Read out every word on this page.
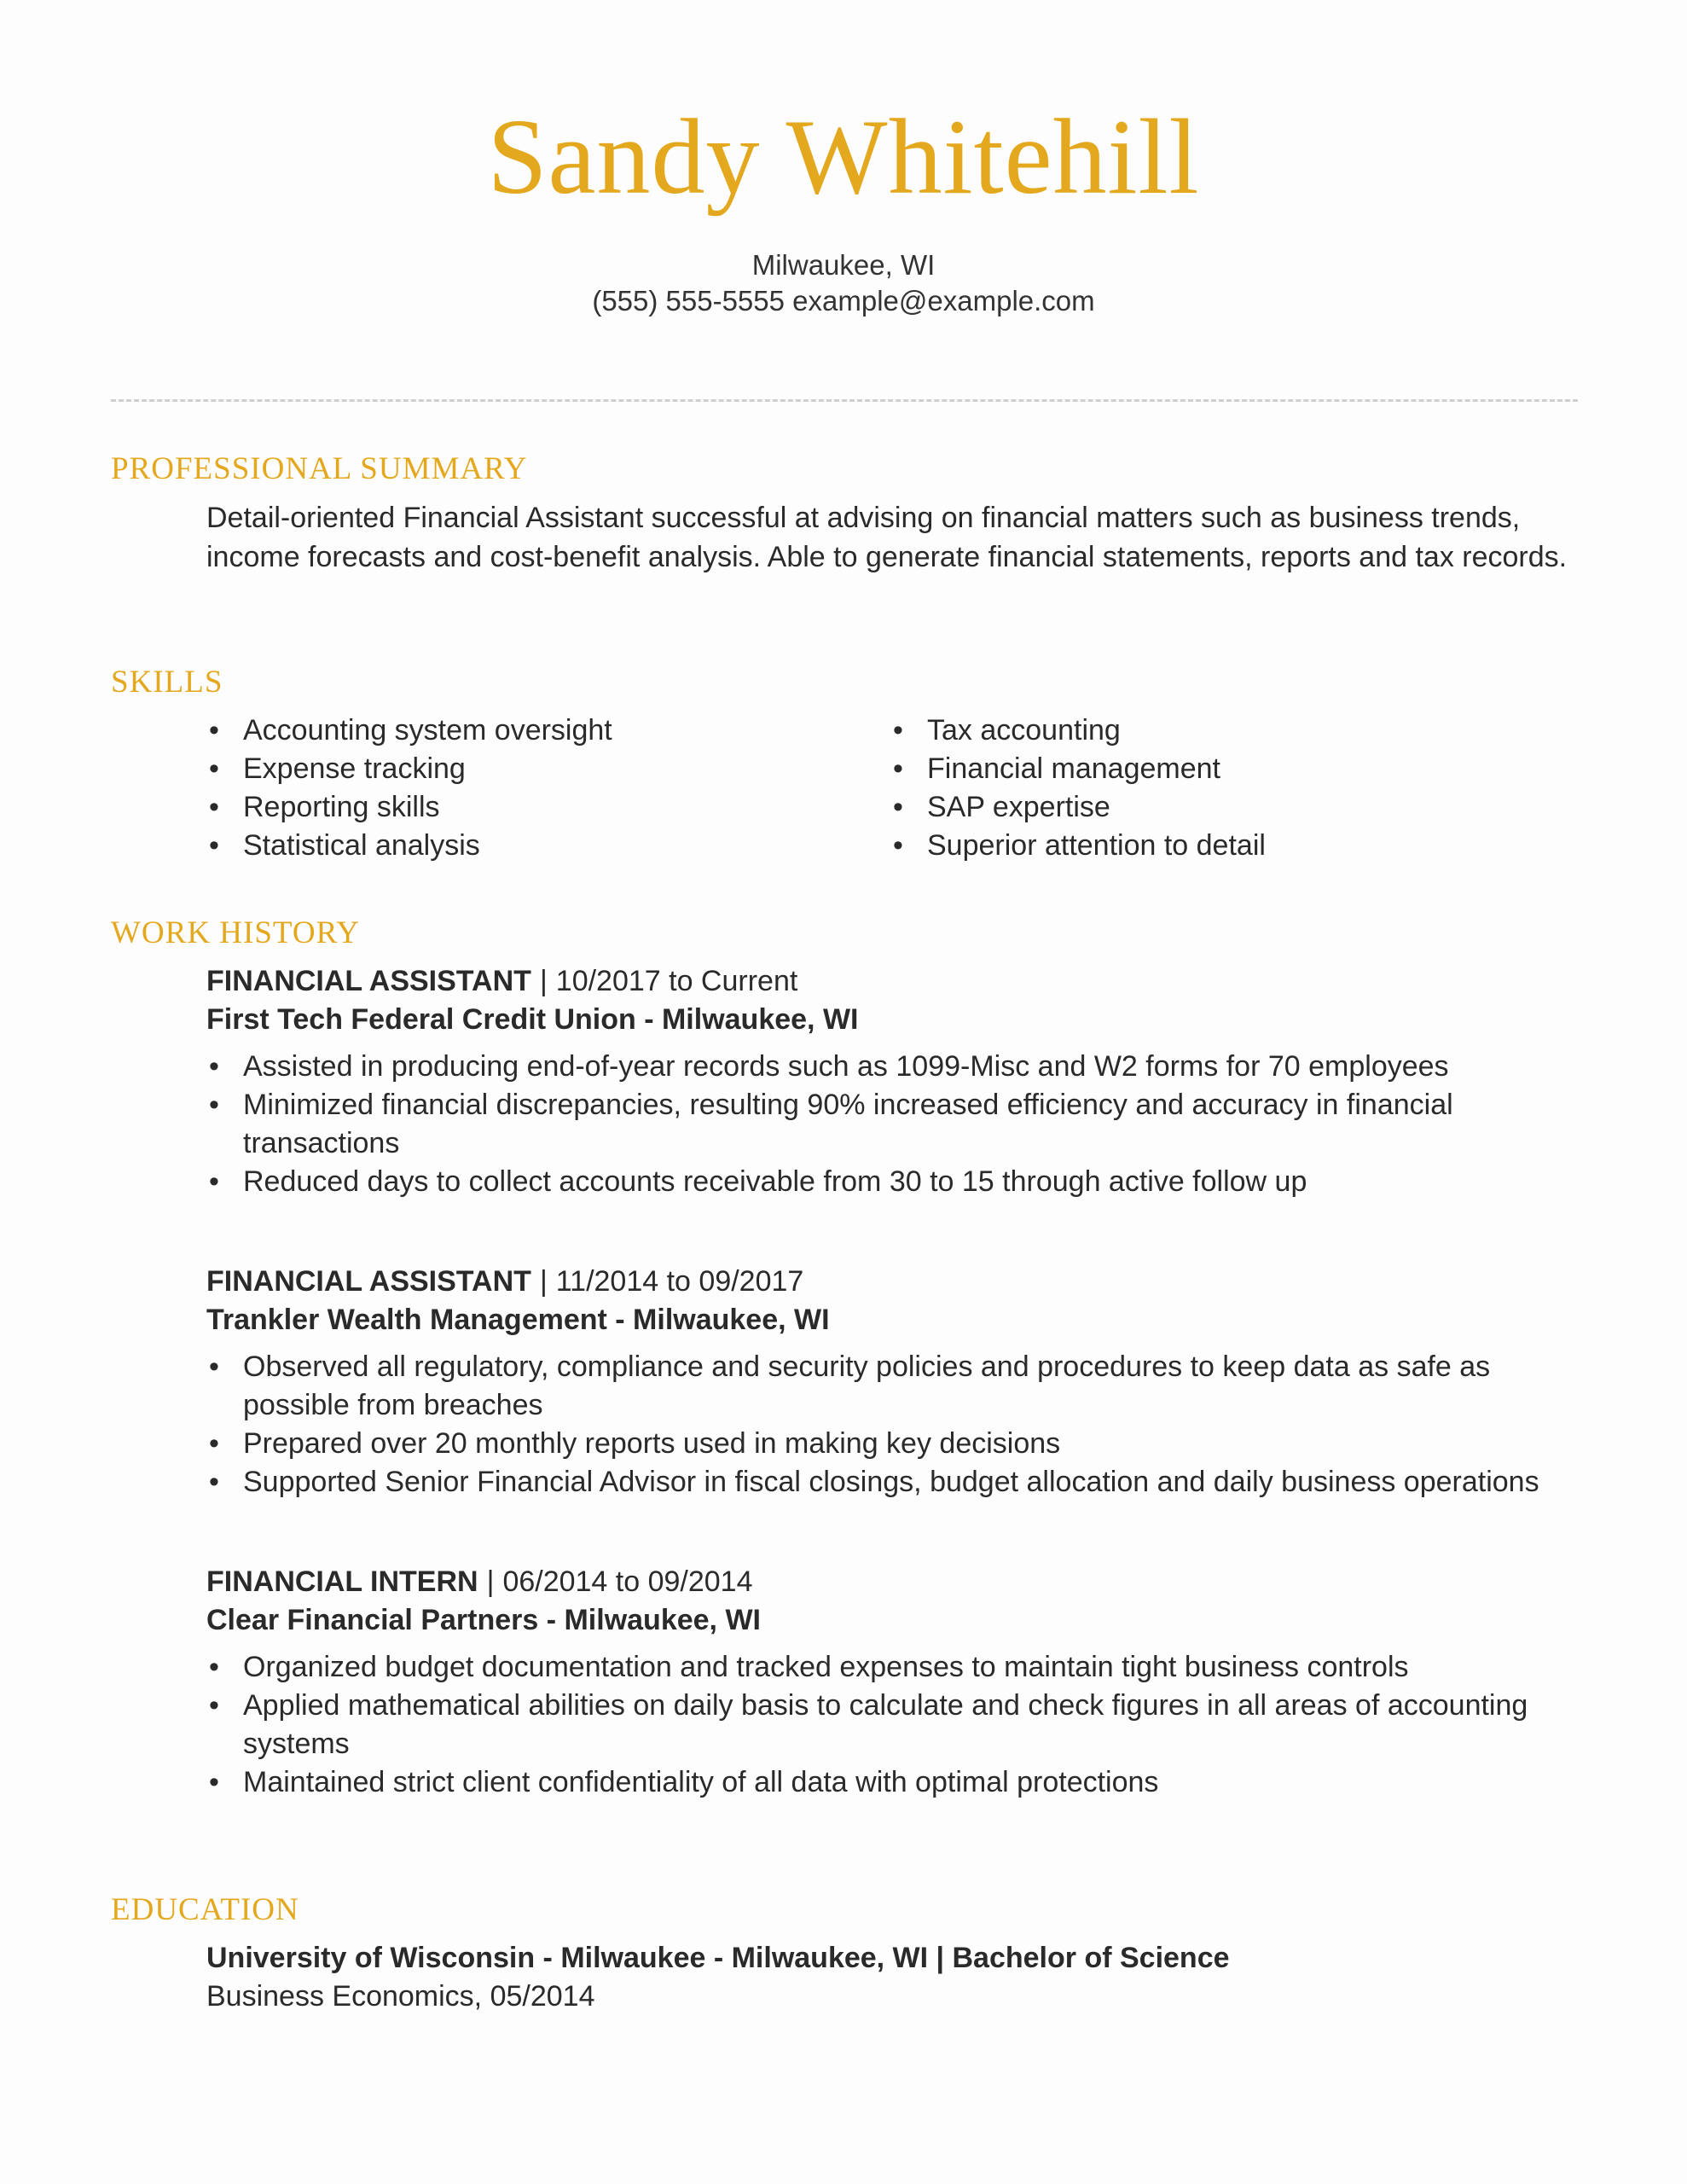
Sandy Whitehill
Milwaukee, WI
(555) 555-5555 example@example.com
PROFESSIONAL SUMMARY
Detail-oriented Financial Assistant successful at advising on financial matters such as business trends, income forecasts and cost-benefit analysis. Able to generate financial statements, reports and tax records.
SKILLS
• Accounting system oversight
• Expense tracking
• Reporting skills
• Statistical analysis
• Tax accounting
• Financial management
• SAP expertise
• Superior attention to detail
WORK HISTORY
FINANCIAL ASSISTANT | 10/2017 to Current
First Tech Federal Credit Union - Milwaukee, WI
• Assisted in producing end-of-year records such as 1099-Misc and W2 forms for 70 employees
• Minimized financial discrepancies, resulting 90% increased efficiency and accuracy in financial transactions
• Reduced days to collect accounts receivable from 30 to 15 through active follow up
FINANCIAL ASSISTANT | 11/2014 to 09/2017
Trankler Wealth Management - Milwaukee, WI
• Observed all regulatory, compliance and security policies and procedures to keep data as safe as possible from breaches
• Prepared over 20 monthly reports used in making key decisions
• Supported Senior Financial Advisor in fiscal closings, budget allocation and daily business operations
FINANCIAL INTERN | 06/2014 to 09/2014
Clear Financial Partners - Milwaukee, WI
• Organized budget documentation and tracked expenses to maintain tight business controls
• Applied mathematical abilities on daily basis to calculate and check figures in all areas of accounting systems
• Maintained strict client confidentiality of all data with optimal protections
EDUCATION
University of Wisconsin - Milwaukee - Milwaukee, WI | Bachelor of Science
Business Economics, 05/2014
